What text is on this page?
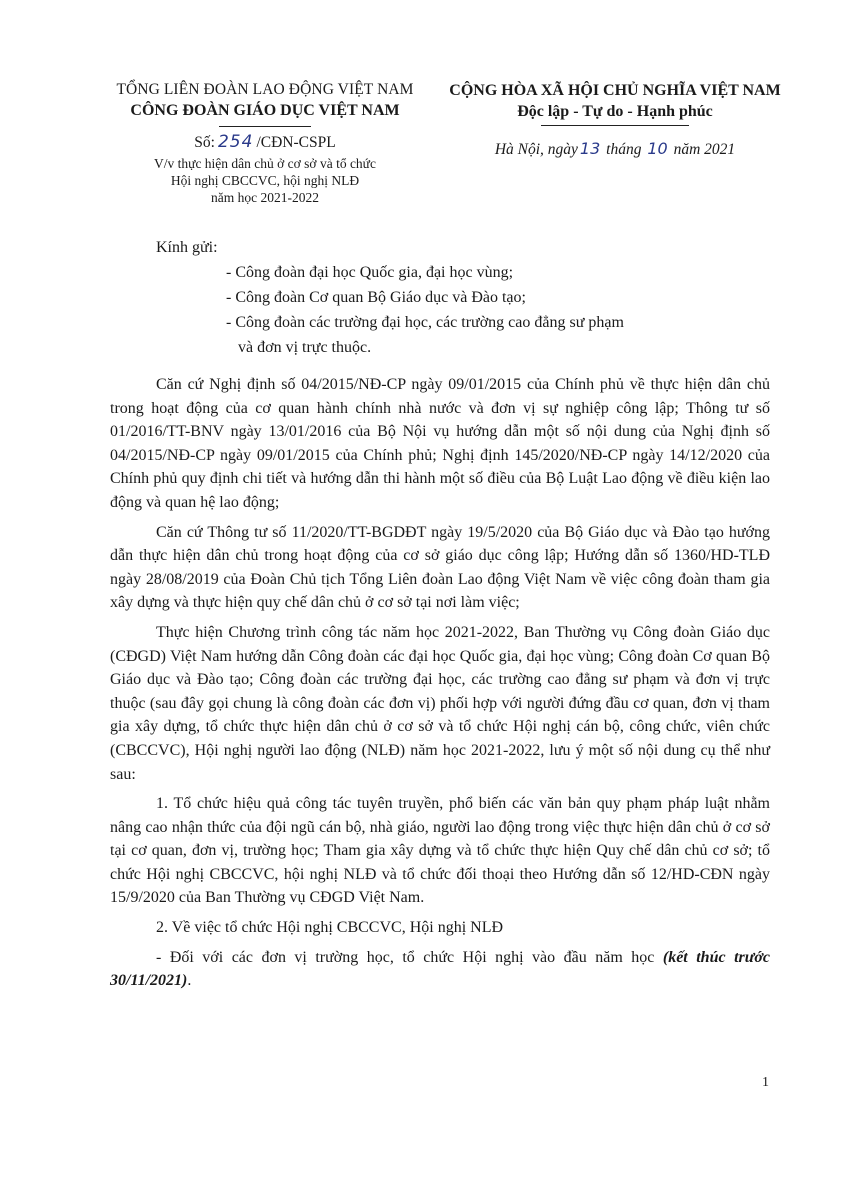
TỔNG LIÊN ĐOÀN LAO ĐỘNG VIỆT NAM
CÔNG ĐOÀN GIÁO DỤC VIỆT NAM
Số: 254 /CĐN-CSPL
V/v thực hiện dân chủ ở cơ sở và tổ chức
Hội nghị CBCCVC, hội nghị NLĐ
năm học 2021-2022
CỘNG HÒA XÃ HỘI CHỦ NGHĨA VIỆT NAM
Độc lập - Tự do - Hạnh phúc
Hà Nội, ngày 13 tháng 10 năm 2021
Kính gửi:
- Công đoàn đại học Quốc gia, đại học vùng;
- Công đoàn Cơ quan Bộ Giáo dục và Đào tạo;
- Công đoàn các trường đại học, các trường cao đẳng sư phạm
và đơn vị trực thuộc.

Căn cứ Nghị định số 04/2015/NĐ-CP ngày 09/01/2015 của Chính phủ về thực hiện dân chủ trong hoạt động của cơ quan hành chính nhà nước và đơn vị sự nghiệp công lập; Thông tư số 01/2016/TT-BNV ngày 13/01/2016 của Bộ Nội vụ hướng dẫn một số nội dung của Nghị định số 04/2015/NĐ-CP ngày 09/01/2015 của Chính phủ; Nghị định 145/2020/NĐ-CP ngày 14/12/2020 của Chính phủ quy định chi tiết và hướng dẫn thi hành một số điều của Bộ Luật Lao động về điều kiện lao động và quan hệ lao động;

Căn cứ Thông tư số 11/2020/TT-BGDĐT ngày 19/5/2020 của Bộ Giáo dục và Đào tạo hướng dẫn thực hiện dân chủ trong hoạt động của cơ sở giáo dục công lập; Hướng dẫn số 1360/HD-TLĐ ngày 28/08/2019 của Đoàn Chủ tịch Tổng Liên đoàn Lao động Việt Nam về việc công đoàn tham gia xây dựng và thực hiện quy chế dân chủ ở cơ sở tại nơi làm việc;

Thực hiện Chương trình công tác năm học 2021-2022, Ban Thường vụ Công đoàn Giáo dục (CĐGD) Việt Nam hướng dẫn Công đoàn các đại học Quốc gia, đại học vùng; Công đoàn Cơ quan Bộ Giáo dục và Đào tạo; Công đoàn các trường đại học, các trường cao đẳng sư phạm và đơn vị trực thuộc (sau đây gọi chung là công đoàn các đơn vị) phối hợp với người đứng đầu cơ quan, đơn vị tham gia xây dựng, tổ chức thực hiện dân chủ ở cơ sở và tổ chức Hội nghị cán bộ, công chức, viên chức (CBCCVC), Hội nghị người lao động (NLĐ) năm học 2021-2022, lưu ý một số nội dung cụ thể như sau:

1. Tổ chức hiệu quả công tác tuyên truyền, phổ biến các văn bản quy phạm pháp luật nhằm nâng cao nhận thức của đội ngũ cán bộ, nhà giáo, người lao động trong việc thực hiện dân chủ ở cơ sở tại cơ quan, đơn vị, trường học; Tham gia xây dựng và tổ chức thực hiện Quy chế dân chủ cơ sở; tổ chức Hội nghị CBCCVC, hội nghị NLĐ và tổ chức đối thoại theo Hướng dẫn số 12/HD-CĐN ngày 15/9/2020 của Ban Thường vụ CĐGD Việt Nam.

2. Về việc tổ chức Hội nghị CBCCVC, Hội nghị NLĐ

- Đối với các đơn vị trường học, tổ chức Hội nghị vào đầu năm học (kết thúc trước 30/11/2021).

1
